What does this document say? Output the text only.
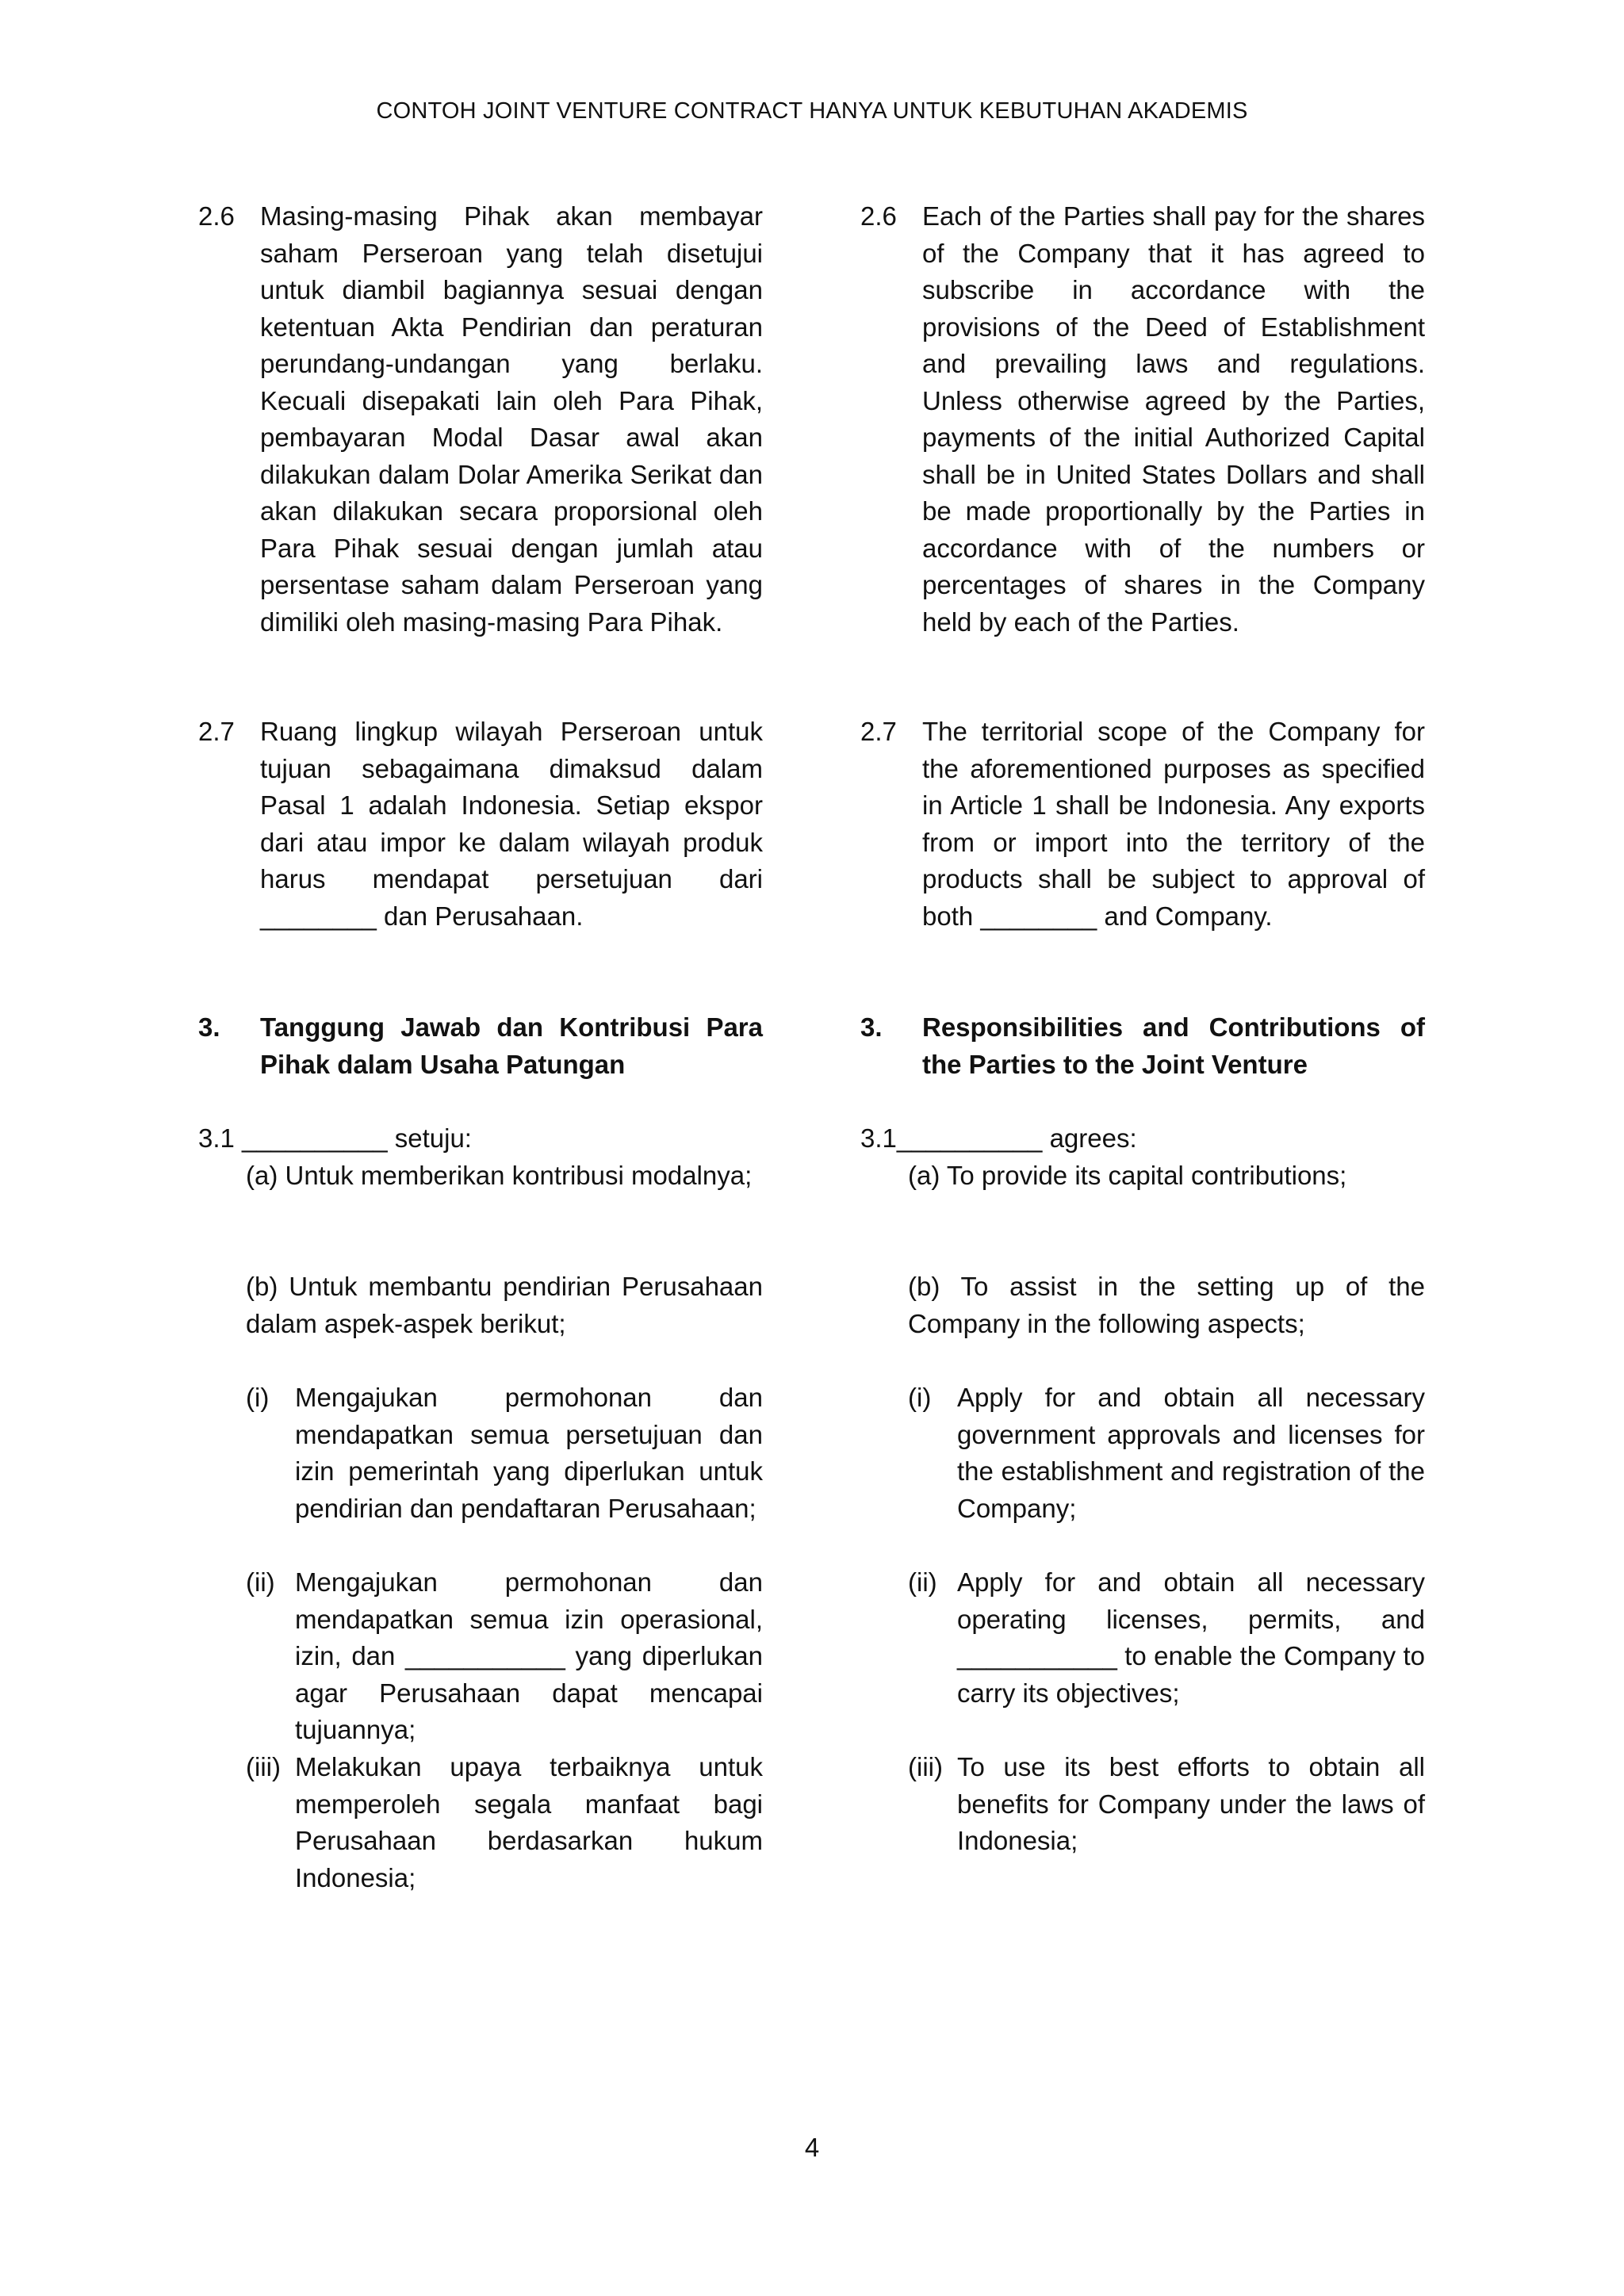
CONTOH JOINT VENTURE CONTRACT HANYA UNTUK KEBUTUHAN AKADEMIS
2.6 Masing-masing Pihak akan membayar saham Perseroan yang telah disetujui untuk diambil bagiannya sesuai dengan ketentuan Akta Pendirian dan peraturan perundang-undangan yang berlaku. Kecuali disepakati lain oleh Para Pihak, pembayaran Modal Dasar awal akan dilakukan dalam Dolar Amerika Serikat dan akan dilakukan secara proporsional oleh Para Pihak sesuai dengan jumlah atau persentase saham dalam Perseroan yang dimiliki oleh masing-masing Para Pihak.
2.7 Ruang lingkup wilayah Perseroan untuk tujuan sebagaimana dimaksud dalam Pasal 1 adalah Indonesia. Setiap ekspor dari atau impor ke dalam wilayah produk harus mendapat persetujuan dari ________ dan Perusahaan.
3. Tanggung Jawab dan Kontribusi Para Pihak dalam Usaha Patungan
3.1 __________ setuju:
(a) Untuk memberikan kontribusi modalnya;
(b) Untuk membantu pendirian Perusahaan dalam aspek-aspek berikut;
(i) Mengajukan permohonan dan mendapatkan semua persetujuan dan izin pemerintah yang diperlukan untuk pendirian dan pendaftaran Perusahaan;
(ii) Mengajukan permohonan dan mendapatkan semua izin operasional, izin, dan ___________ yang diperlukan agar Perusahaan dapat mencapai tujuannya;
(iii) Melakukan upaya terbaiknya untuk memperoleh segala manfaat bagi Perusahaan berdasarkan hukum Indonesia;
2.6 Each of the Parties shall pay for the shares of the Company that it has agreed to subscribe in accordance with the provisions of the Deed of Establishment and prevailing laws and regulations. Unless otherwise agreed by the Parties, payments of the initial Authorized Capital shall be in United States Dollars and shall be made proportionally by the Parties in accordance with of the numbers or percentages of shares in the Company held by each of the Parties.
2.7 The territorial scope of the Company for the aforementioned purposes as specified in Article 1 shall be Indonesia. Any exports from or import into the territory of the products shall be subject to approval of both ________ and Company.
3. Responsibilities and Contributions of the Parties to the Joint Venture
3.1__________ agrees:
(a) To provide its capital contributions;
(b) To assist in the setting up of the Company in the following aspects;
(i) Apply for and obtain all necessary government approvals and licenses for the establishment and registration of the Company;
(ii) Apply for and obtain all necessary operating licenses, permits, and ___________ to enable the Company to carry its objectives;
(iii) To use its best efforts to obtain all benefits for Company under the laws of Indonesia;
4
